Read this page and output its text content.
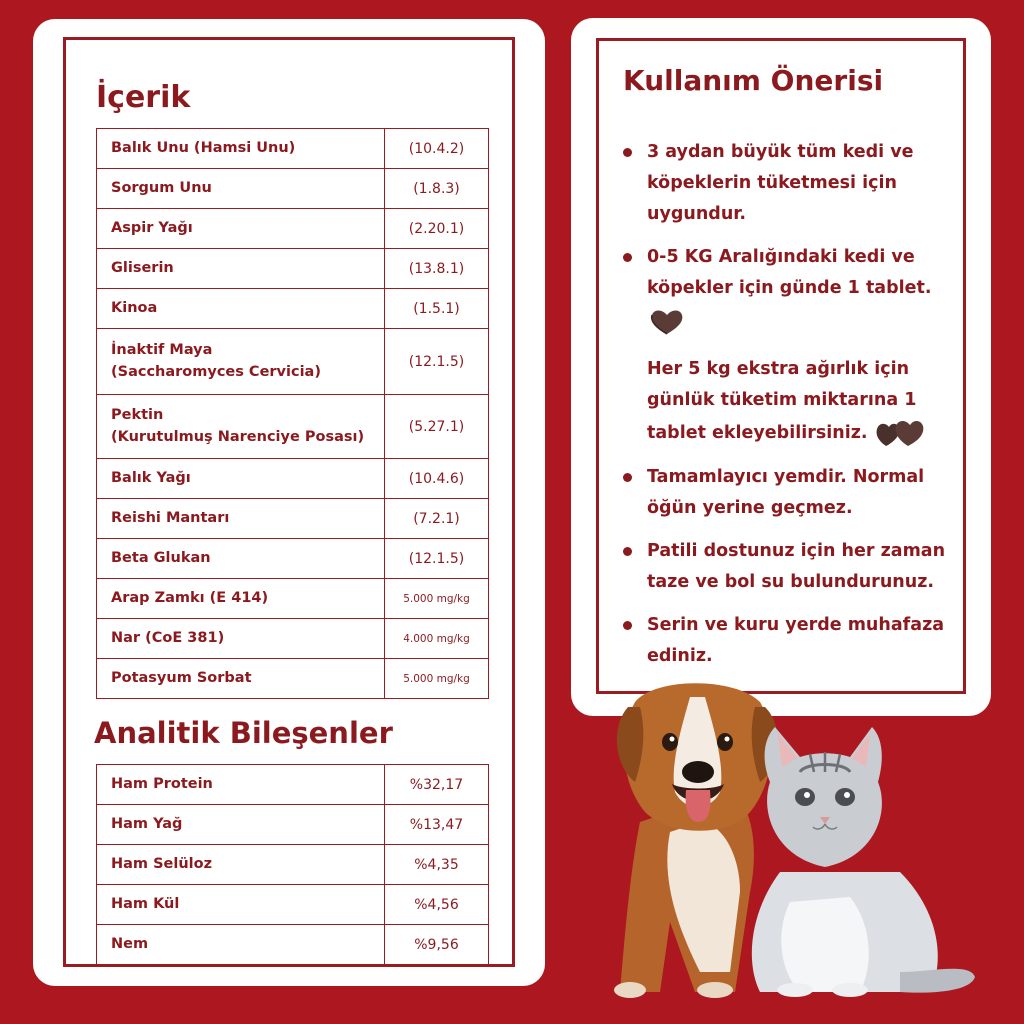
İçerik
Balık Unu (Hamsi Unu)	(10.4.2)
Sorgum Unu	(1.8.3)
Aspir Yağı	(2.20.1)
Gliserin	(13.8.1)
Kinoa	(1.5.1)

İnaktif Maya
(Saccharomyces Cervicia)	(12.1.5)

Pektin
(Kurutulmuş Narenciye Posası)	(5.27.1)
Balık Yağı	(10.4.6)
Reishi Mantarı	(7.2.1)
Beta Glukan	(12.1.5)
Arap Zamkı (E 414)	5.000 mg/kg
Nar (CoE 381)	4.000 mg/kg
Potasyum Sorbat	5.000 mg/kg
Analitik Bileşenler
Ham Protein	%32,17
Ham Yağ	%13,47
Ham Selüloz	%4,35
Ham Kül	%4,56
Nem	%9,56
Kullanım Önerisi
3 aydan büyük tüm kedi ve köpeklerin tüketmesi için uygundur.
0-5 KG Aralığındaki kedi ve köpekler için günde 1 tablet.
Her 5 kg ekstra ağırlık için günlük tüketim miktarına 1 tablet ekleyebilirsiniz.
Tamamlayıcı yemdir. Normal öğün yerine geçmez.
Patili dostunuz için her zaman taze ve bol su bulundurunuz.
Serin ve kuru yerde muhafaza ediniz.
